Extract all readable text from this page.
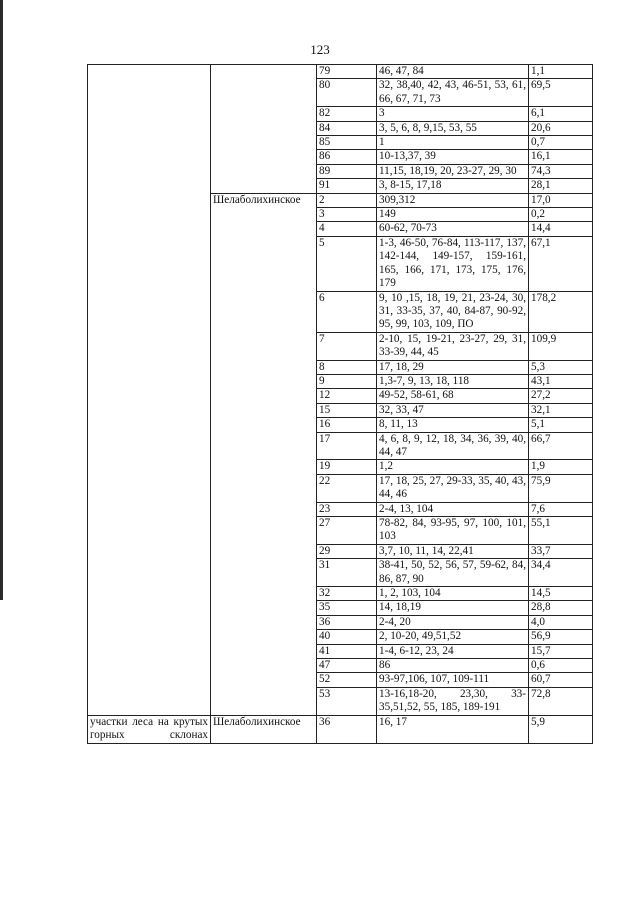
123
		79	46, 47, 84	1,1
		80	32, 38,40, 42, 43, 46-51, 53, 61, 66, 67, 71, 73	69,5
		82	3	6,1
		84	3, 5, 6, 8, 9,15, 53, 55	20,6
		85	1	0,7
		86	10-13,37, 39	16,1
		89	11,15, 18,19, 20, 23-27, 29, 30	74,3
		91	3, 8-15, 17,18	28,1
	Шелаболихинское	2	309,312	17,0
		3	149	0,2
		4	60-62, 70-73	14,4
		5	1-3, 46-50, 76-84, 113-117, 137, 142-144, 149-157, 159-161, 165, 166, 171, 173, 175, 176, 179	67,1
		6	9, 10 ,15, 18, 19, 21, 23-24, 30, 31, 33-35, 37, 40, 84-87, 90-92, 95, 99, 103, 109, ПО	178,2
		7	2-10, 15, 19-21, 23-27, 29, 31, 33-39, 44, 45	109,9
		8	17, 18, 29	5,3
		9	1,3-7, 9, 13, 18, 118	43,1
		12	49-52, 58-61, 68	27,2
		15	32, 33, 47	32,1
		16	8, 11, 13	5,1
		17	4, 6, 8, 9, 12, 18, 34, 36, 39, 40, 44, 47	66,7
		19	1,2	1,9
		22	17, 18, 25, 27, 29-33, 35, 40, 43, 44, 46	75,9
		23	2-4, 13, 104	7,6
		27	78-82, 84, 93-95, 97, 100, 101, 103	55,1
		29	3,7, 10, 11, 14, 22,41	33,7
		31	38-41, 50, 52, 56, 57, 59-62, 84, 86, 87, 90	34,4
		32	1, 2, 103, 104	14,5
		35	14, 18,19	28,8
		36	2-4, 20	4,0
		40	2, 10-20, 49,51,52	56,9
		41	1-4, 6-12, 23, 24	15,7
		47	86	0,6
		52	93-97,106, 107, 109-111	60,7
		53	13-16,18-20, 23,30, 33-35,51,52, 55, 185, 189-191	72,8
участки леса на крутых горных склонах	Шелаболихинское	36	16, 17	5,9
